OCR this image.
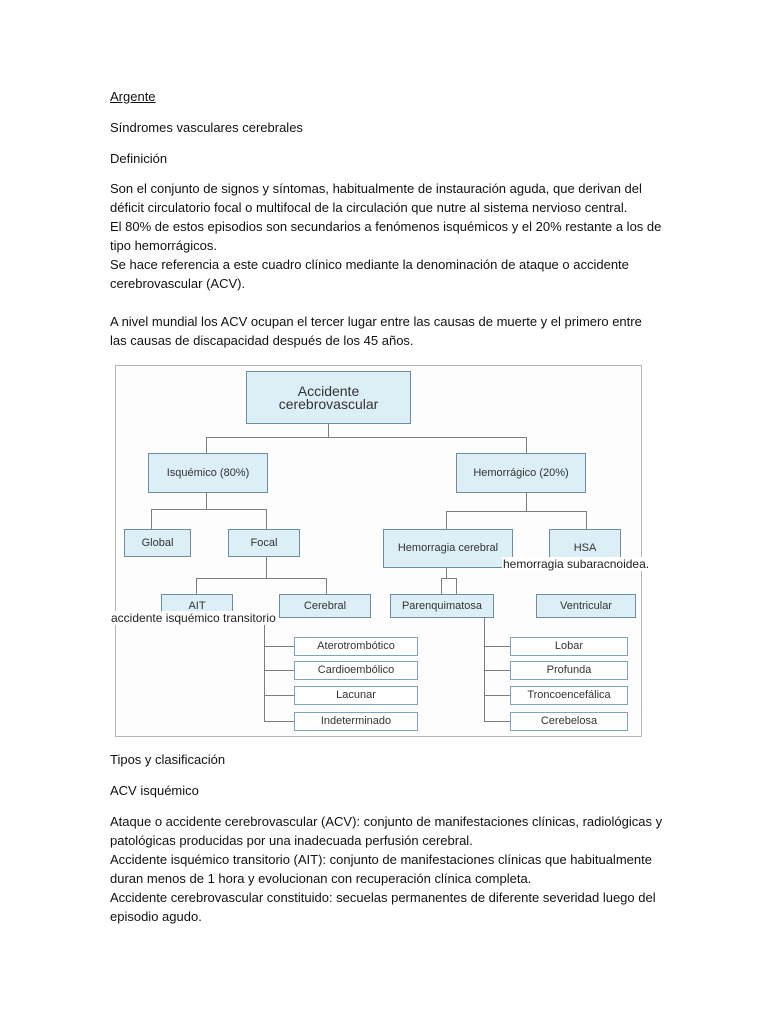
Argente
Síndromes vasculares cerebrales
Definición
Son el conjunto de signos y síntomas, habitualmente de instauración aguda, que derivan del
déficit circulatorio focal o multifocal de la circulación que nutre al sistema nervioso central.
El 80% de estos episodios son secundarios a fenómenos isquémicos y el 20% restante a los de
tipo hemorrágicos.
Se hace referencia a este cuadro clínico mediante la denominación de ataque o accidente
cerebrovascular (ACV).
A nivel mundial los ACV ocupan el tercer lugar entre las causas de muerte y el primero entre
las causas de discapacidad después de los 45 años.
Accidente cerebrovascular
Isquémico (80%)	Hemorrágico (20%)
Global	Focal	Hemorragia cerebral	HSA
AIT	Cerebral	Parenquimatosa	Ventricular
Aterotrombótico
Cardioembólico
Lacunar
Indeterminado
Lobar
Profunda
Troncoencefálica
Cerebelosa
hemorragia subaracnoidea.
accidente isquémico transitorio
Tipos y clasificación
ACV isquémico
Ataque o accidente cerebrovascular (ACV): conjunto de manifestaciones clínicas, radiológicas y
patológicas producidas por una inadecuada perfusión cerebral.
Accidente isquémico transitorio (AIT): conjunto de manifestaciones clínicas que habitualmente
duran menos de 1 hora y evolucionan con recuperación clínica completa.
Accidente cerebrovascular constituido: secuelas permanentes de diferente severidad luego del
episodio agudo.
